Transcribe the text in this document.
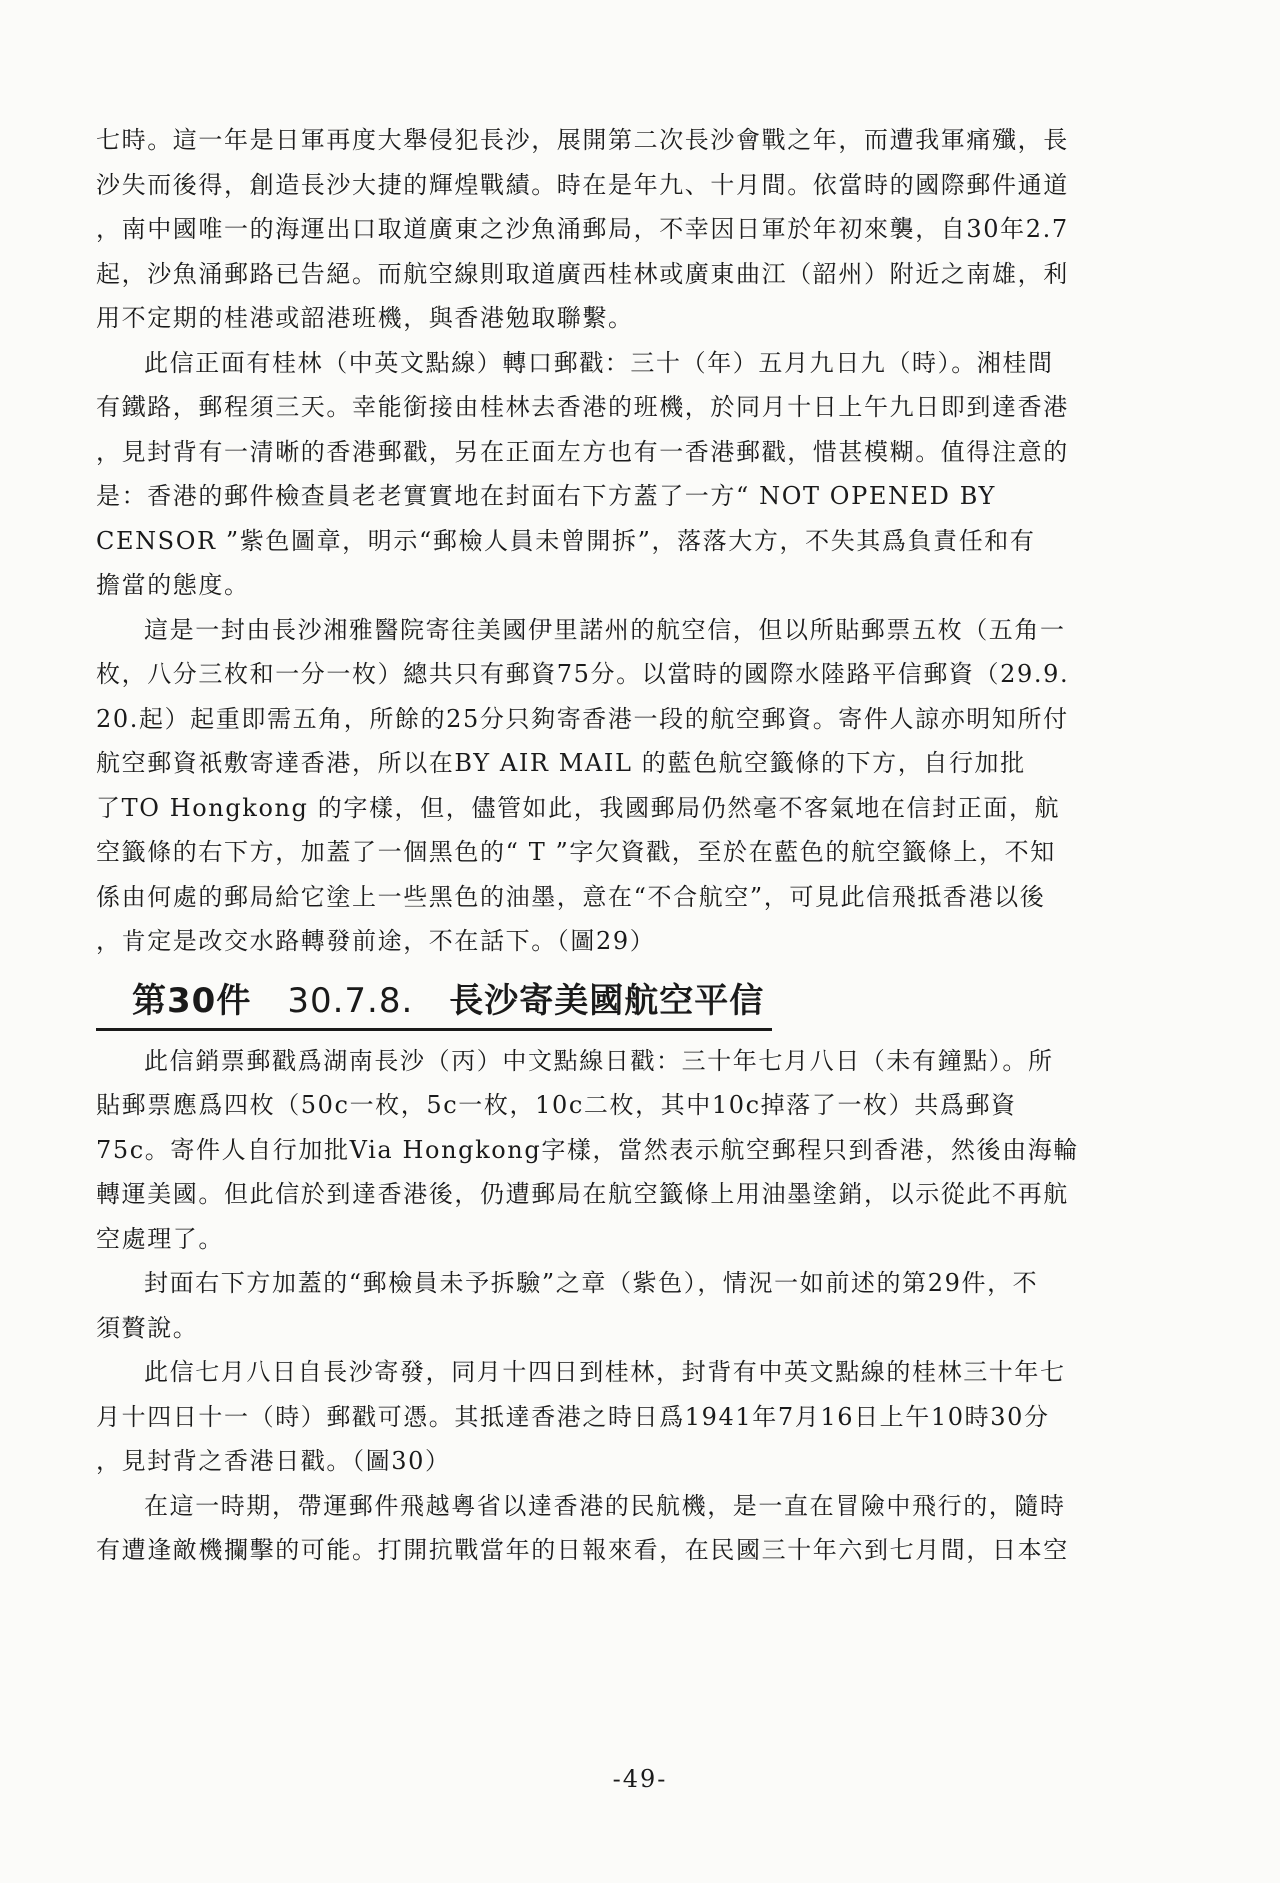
七時。這一年是日軍再度大舉侵犯長沙，展開第二次長沙會戰之年，而遭我軍痛殲，長
沙失而後得，創造長沙大捷的輝煌戰績。時在是年九、十月間。依當時的國際郵件通道
，南中國唯一的海運出口取道廣東之沙魚涌郵局，不幸因日軍於年初來襲，自30年2.7
起，沙魚涌郵路已告絕。而航空線則取道廣西桂林或廣東曲江（韶州）附近之南雄，利
用不定期的桂港或韶港班機，與香港勉取聯繫。
此信正面有桂林（中英文點線）轉口郵戳：三十（年）五月九日九（時）。湘桂間
有鐵路，郵程須三天。幸能銜接由桂林去香港的班機，於同月十日上午九日即到達香港
，見封背有一清晰的香港郵戳，另在正面左方也有一香港郵戳，惜甚模糊。值得注意的
是：香港的郵件檢查員老老實實地在封面右下方蓋了一方“ NOT OPENED BY
CENSOR ”紫色圖章，明示“郵檢人員未曾開拆”，落落大方，不失其爲負責任和有
擔當的態度。
這是一封由長沙湘雅醫院寄往美國伊里諾州的航空信，但以所貼郵票五枚（五角一
枚，八分三枚和一分一枚）總共只有郵資75分。以當時的國際水陸路平信郵資（29.9.
20.起）起重即需五角，所餘的25分只夠寄香港一段的航空郵資。寄件人諒亦明知所付
航空郵資祇敷寄達香港，所以在BY AIR MAIL 的藍色航空籤條的下方，自行加批
了TO Hongkong 的字樣，但，儘管如此，我國郵局仍然毫不客氣地在信封正面，航
空籤條的右下方，加蓋了一個黑色的“ T ”字欠資戳，至於在藍色的航空籤條上，不知
係由何處的郵局給它塗上一些黑色的油墨，意在“不合航空”，可見此信飛抵香港以後
，肯定是改交水路轉發前途，不在話下。（圖29）
第30件 30.7.8. 長沙寄美國航空平信
此信銷票郵戳爲湖南長沙（丙）中文點線日戳：三十年七月八日（未有鐘點）。所
貼郵票應爲四枚（50c一枚，5c一枚，10c二枚，其中10c掉落了一枚）共爲郵資
75c。寄件人自行加批Via Hongkong字樣，當然表示航空郵程只到香港，然後由海輪
轉運美國。但此信於到達香港後，仍遭郵局在航空籤條上用油墨塗銷，以示從此不再航
空處理了。
封面右下方加蓋的“郵檢員未予拆驗”之章（紫色），情況一如前述的第29件，不
須贅說。
此信七月八日自長沙寄發，同月十四日到桂林，封背有中英文點線的桂林三十年七
月十四日十一（時）郵戳可憑。其抵達香港之時日爲1941年7月16日上午10時30分
，見封背之香港日戳。（圖30）
在這一時期，帶運郵件飛越粵省以達香港的民航機，是一直在冒險中飛行的，隨時
有遭逢敵機攔擊的可能。打開抗戰當年的日報來看，在民國三十年六到七月間，日本空
-49-
